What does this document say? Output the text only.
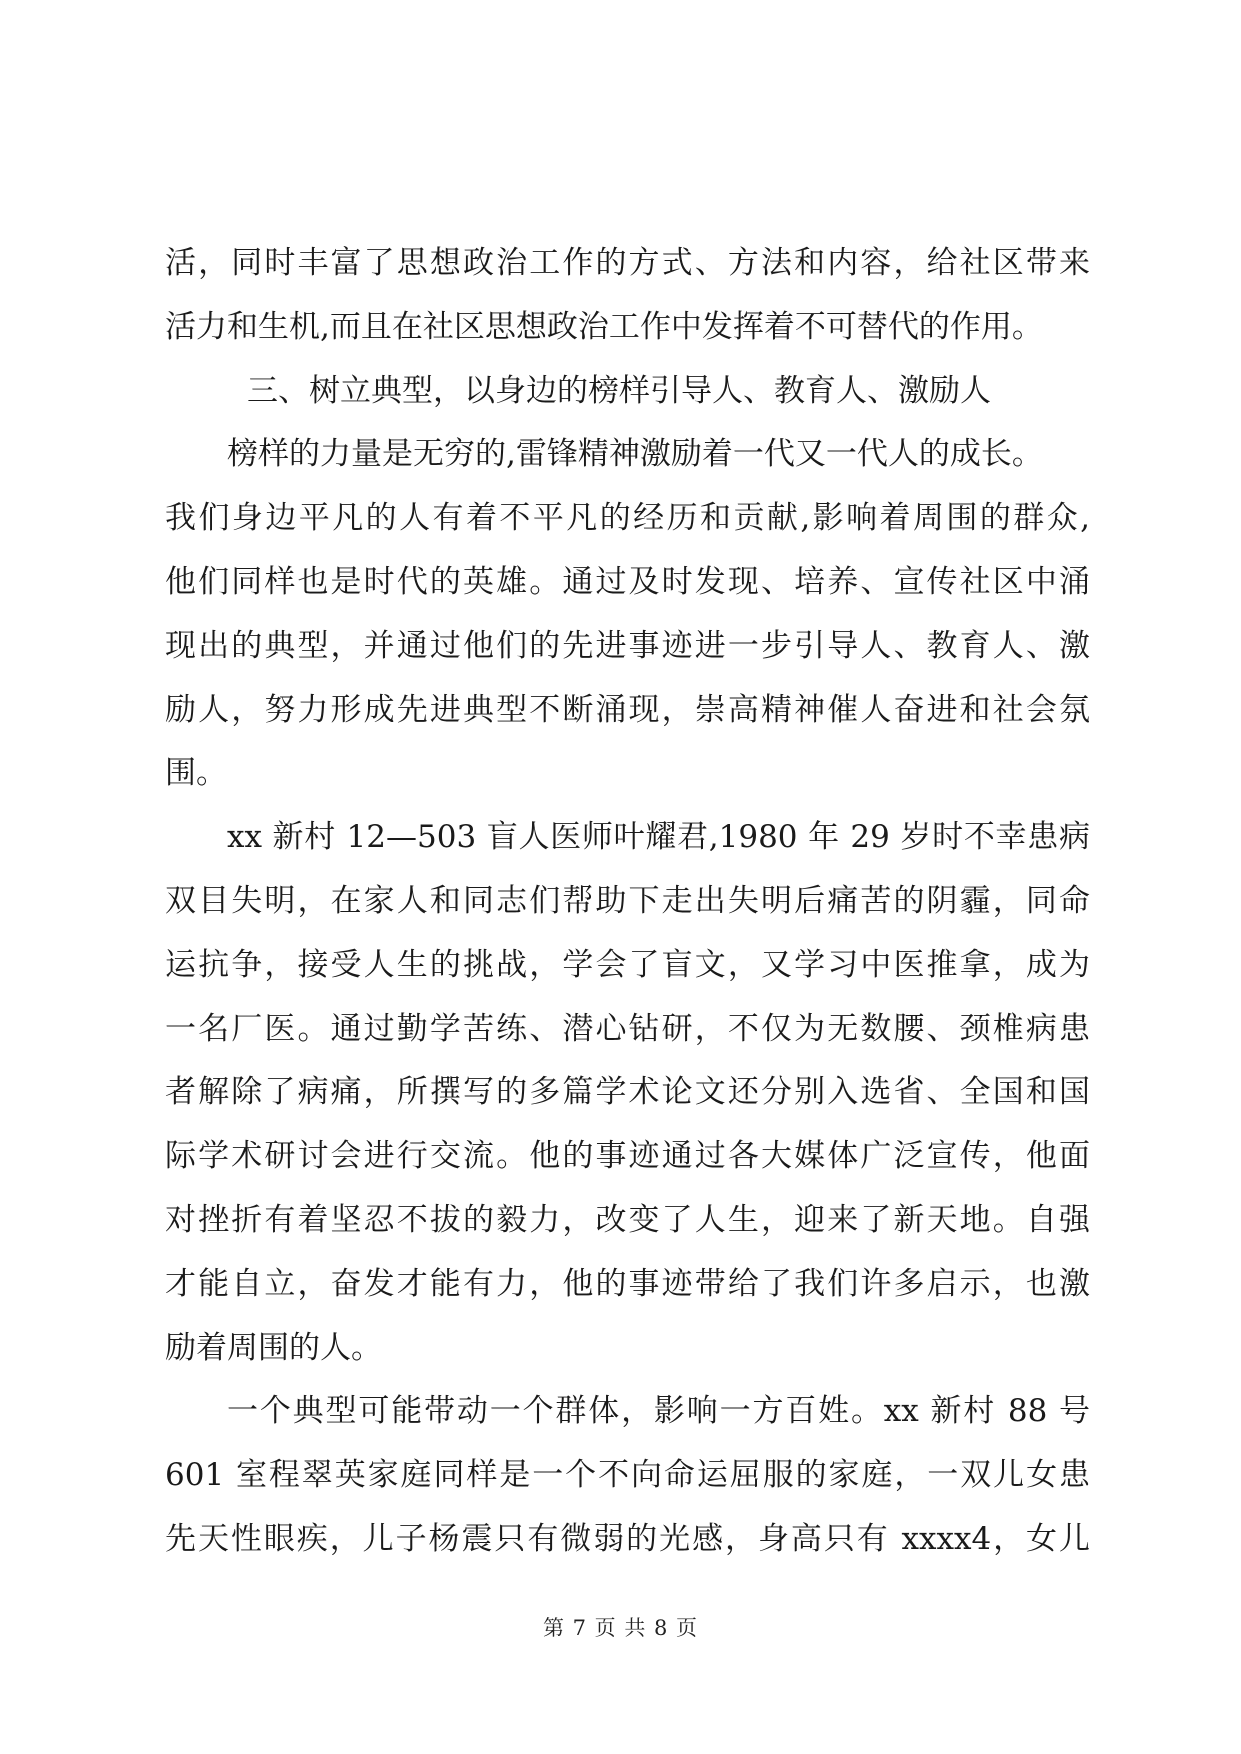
活，同时丰富了思想政治工作的方式、方法和内容，给社区带来
活力和生机,而且在社区思想政治工作中发挥着不可替代的作用。
三、树立典型，以身边的榜样引导人、教育人、激励人
榜样的力量是无穷的,雷锋精神激励着一代又一代人的成长。
我们身边平凡的人有着不平凡的经历和贡献,影响着周围的群众,
他们同样也是时代的英雄。通过及时发现、培养、宣传社区中涌
现出的典型，并通过他们的先进事迹进一步引导人、教育人、激
励人，努力形成先进典型不断涌现，崇高精神催人奋进和社会氛
围。
xx 新村 12—503 盲人医师叶耀君,1980 年 29 岁时不幸患病
双目失明，在家人和同志们帮助下走出失明后痛苦的阴霾，同命
运抗争，接受人生的挑战，学会了盲文，又学习中医推拿，成为
一名厂医。通过勤学苦练、潜心钻研，不仅为无数腰、颈椎病患
者解除了病痛，所撰写的多篇学术论文还分别入选省、全国和国
际学术研讨会进行交流。他的事迹通过各大媒体广泛宣传，他面
对挫折有着坚忍不拔的毅力，改变了人生，迎来了新天地。自强
才能自立，奋发才能有力，他的事迹带给了我们许多启示，也激
励着周围的人。
一个典型可能带动一个群体，影响一方百姓。xx 新村 88 号
601 室程翠英家庭同样是一个不向命运屈服的家庭，一双儿女患
先天性眼疾，儿子杨震只有微弱的光感，身高只有 xxxx4，女儿
第 7 页 共 8 页
